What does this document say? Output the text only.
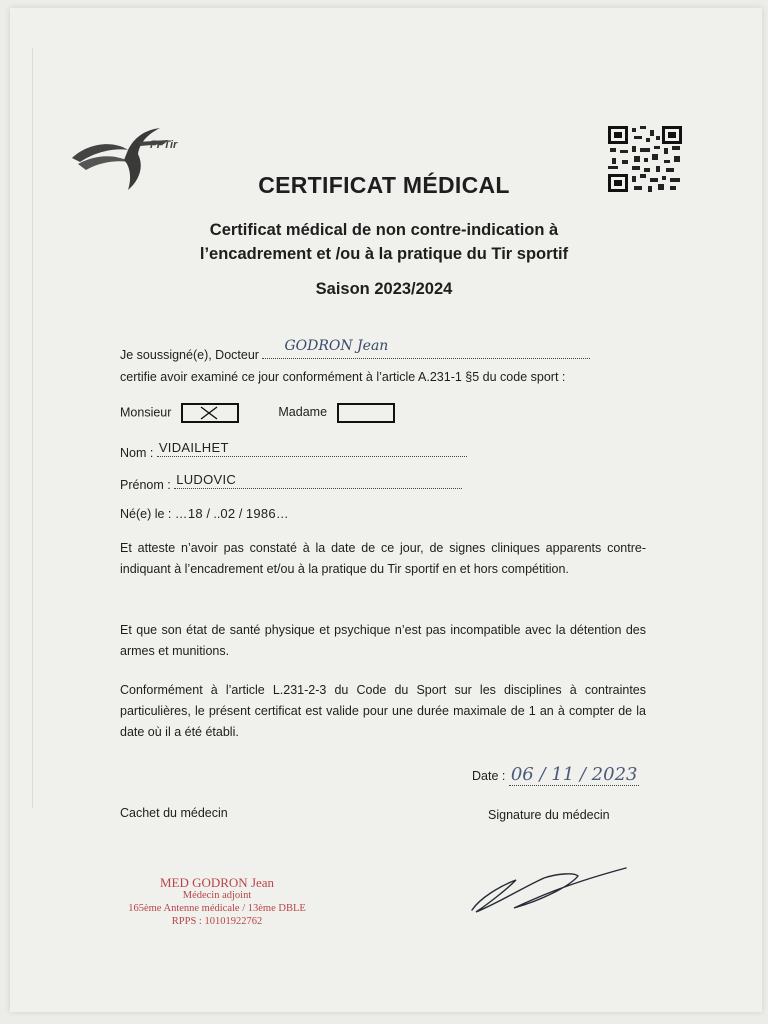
FFTir
CERTIFICAT MÉDICAL
Certificat médical de non contre-indication à
l’encadrement et /ou à la pratique du Tir sportif
Saison 2023/2024
Je soussigné(e), Docteur
GODRON Jean
certifie avoir examiné ce jour conformément à l’article A.231-1 §5 du code sport :
Monsieur	Madame
Nom : VIDAILHET
Prénom : LUDOVIC
Né(e) le : …18 / ..02 / 1986…
Et atteste n’avoir pas constaté à la date de ce jour, de signes cliniques apparents contre-indiquant à l’encadrement et/ou à la pratique du Tir sportif en et hors compétition.
Et que son état de santé physique et psychique n’est pas incompatible avec la détention des armes et munitions.
Conformément à l’article L.231-2-3 du Code du Sport sur les disciplines à contraintes particulières, le présent certificat est valide pour une durée maximale de 1 an à compter de la date où il a été établi.
Date : 06 / 11 / 2023
Cachet du médecin	Signature du médecin
MED GODRON Jean
Médecin adjoint
165ème Antenne médicale / 13ème DBLE
RPPS : 10101922762
